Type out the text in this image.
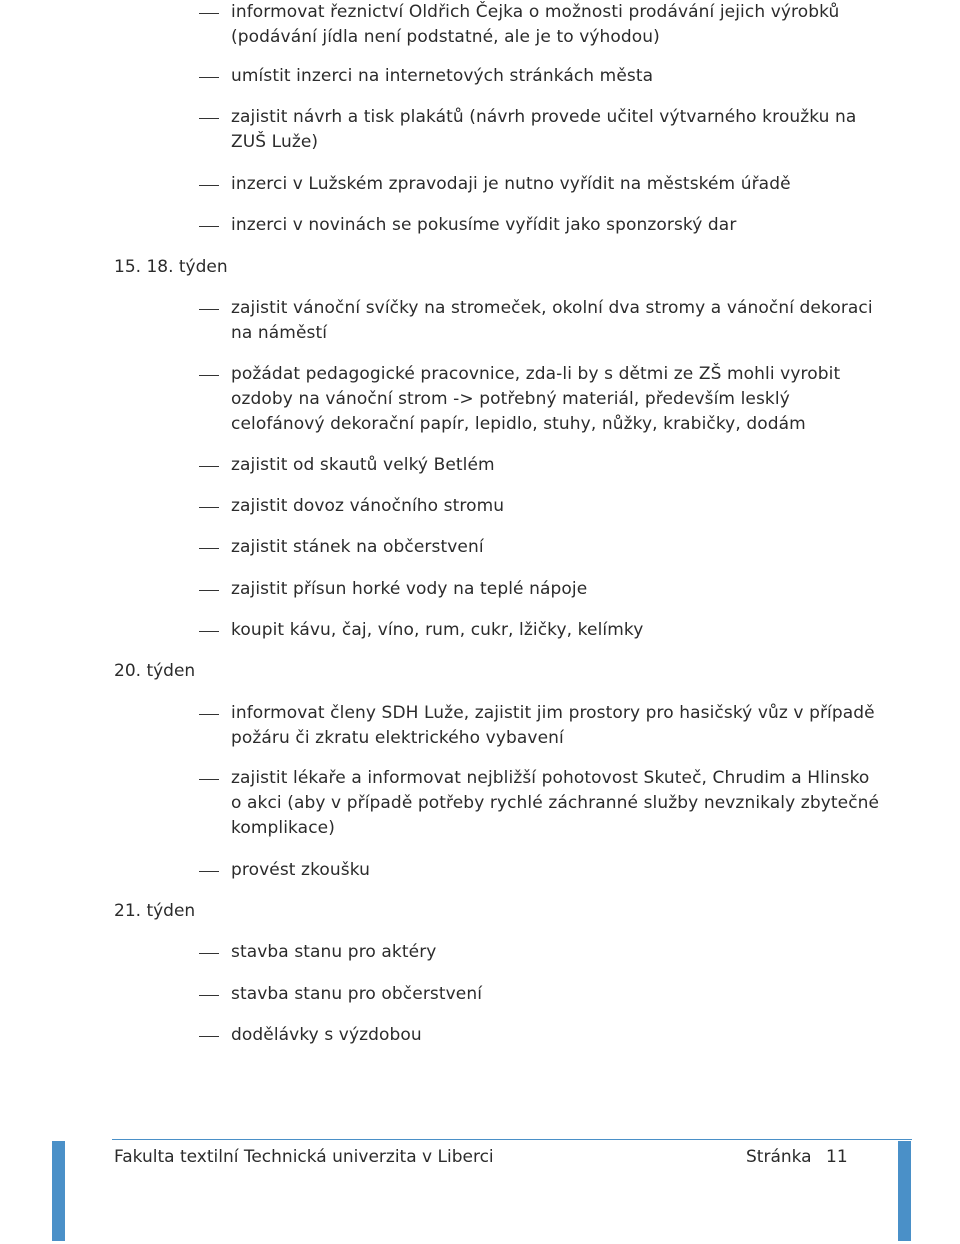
informovat řeznictví Oldřich Čejka o možnosti prodávání jejich výrobků (podávání jídla není podstatné, ale je to výhodou)
umístit inzerci na internetových stránkách města
zajistit návrh a tisk plakátů (návrh provede učitel výtvarného kroužku na ZUŠ Luže)
inzerci v Lužském zpravodaji je nutno vyřídit na městském úřadě
inzerci v novinách se pokusíme vyřídit jako sponzorský dar
15. 18. týden
zajistit vánoční svíčky na stromeček, okolní dva stromy a vánoční dekoraci na náměstí
požádat pedagogické pracovnice, zda-li by s dětmi ze ZŠ mohli vyrobit ozdoby na vánoční strom -> potřebný materiál, především lesklý celofánový dekorační papír, lepidlo, stuhy, nůžky, krabičky, dodám
zajistit od skautů velký Betlém
zajistit dovoz vánočního stromu
zajistit stánek na občerstvení
zajistit přísun horké vody na teplé nápoje
koupit kávu, čaj, víno, rum, cukr, lžičky, kelímky
20. týden
informovat členy SDH Luže, zajistit jim prostory pro hasičský vůz v případě požáru či zkratu elektrického vybavení
zajistit lékaře a informovat nejbližší pohotovost Skuteč, Chrudim a Hlinsko o akci (aby v případě potřeby rychlé záchranné služby nevznikaly zbytečné komplikace)
provést zkoušku
21. týden
stavba stanu pro aktéry
stavba stanu pro občerstvení
dodělávky s výzdobou
Fakulta textilní Technická univerzita v Liberci	Stránka 11
